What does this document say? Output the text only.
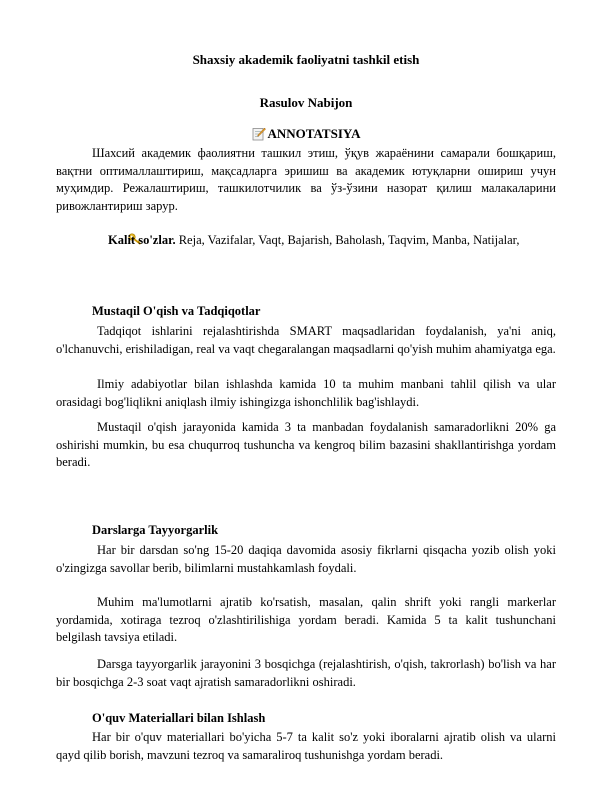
Shaxsiy akademik faoliyatni tashkil etish
Rasulov Nabijon
ANNOTATSIYA

Шахсий академик фаолиятни ташкил этиш, ўқув жараёнини самарали бошқариш, вақтни оптималлаштириш, мақсадларга эришиш ва академик ютуқларни ошириш учун муҳимдир. Режалаштириш, ташкилотчилик ва ўз-ўзини назорат қилиш малакаларини ривожлантириш зарур.

Kalit so'zlar. Reja, Vazifalar, Vaqt, Bajarish, Baholash, Taqvim, Manba, Natijalar,

Mustaqil O'qish va Tadqiqotlar

Tadqiqot ishlarini rejalashtirishda SMART maqsadlaridan foydalanish, ya'ni aniq, o'lchanuvchi, erishiladigan, real va vaqt chegaralangan maqsadlarni qo'yish muhim ahamiyatga ega.

Ilmiy adabiyotlar bilan ishlashda kamida 10 ta muhim manbani tahlil qilish va ular orasidagi bog'liqlikni aniqlash ilmiy ishingizga ishonchlilik bag'ishlaydi.

Mustaqil o'qish jarayonida kamida 3 ta manbadan foydalanish samaradorlikni 20% ga oshirishi mumkin, bu esa chuqurroq tushuncha va kengroq bilim bazasini shakllantirishga yordam beradi.

Darslarga Tayyorgarlik

Har bir darsdan so'ng 15-20 daqiqa davomida asosiy fikrlarni qisqacha yozib olish yoki o'zingizga savollar berib, bilimlarni mustahkamlash foydali.

Muhim ma'lumotlarni ajratib ko'rsatish, masalan, qalin shrift yoki rangli markerlar yordamida, xotiraga tezroq o'zlashtirilishiga yordam beradi. Kamida 5 ta kalit tushunchani belgilash tavsiya etiladi.

Darsga tayyorgarlik jarayonini 3 bosqichga (rejalashtirish, o'qish, takrorlash) bo'lish va har bir bosqichga 2-3 soat vaqt ajratish samaradorlikni oshiradi.

O'quv Materiallari bilan Ishlash

Har bir o'quv materiallari bo'yicha 5-7 ta kalit so'z yoki iboralarni ajratib olish va ularni qayd qilib borish, mavzuni tezroq va samaraliroq tushunishga yordam beradi.
